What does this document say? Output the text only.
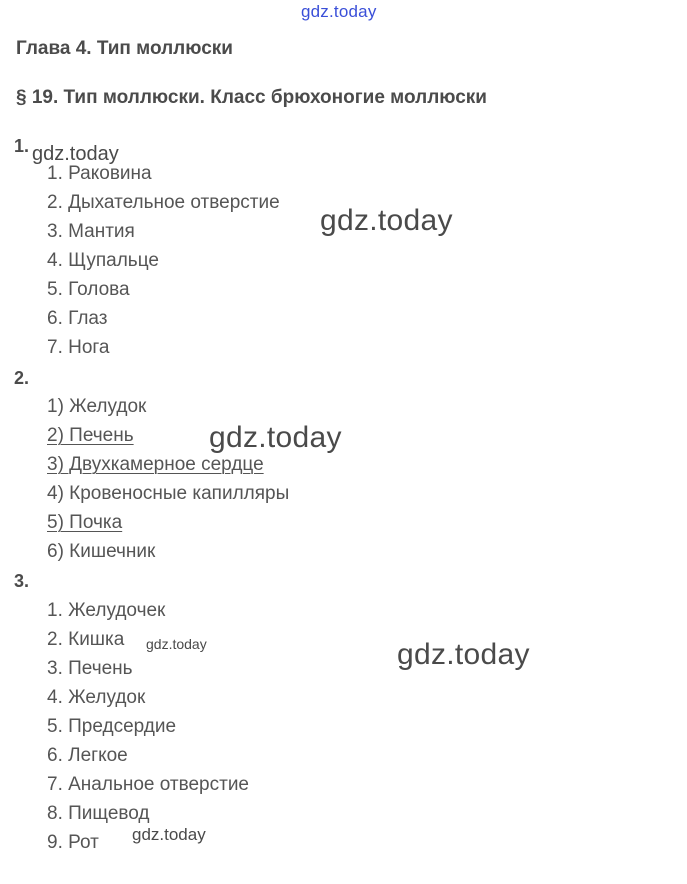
gdz.today
Глава 4. Тип моллюски
§ 19. Тип моллюски. Класс брюхоногие моллюски
1. gdz.today
1. Раковина
2. Дыхательное отверстие
3. Мантия
4. Щупальце
5. Голова
6. Глаз
7. Нога
gdz.today
2.
1) Желудок
2) Печень
3) Двухкамерное сердце
4) Кровеносные капилляры
5) Почка
6) Кишечник
gdz.today
3.
1. Желудочек
2. Кишка gdz.today
3. Печень
4. Желудок
5. Предсердие
6. Легкое
7. Анальное отверстие
8. Пищевод
9. Рот gdz.today
gdz.today
